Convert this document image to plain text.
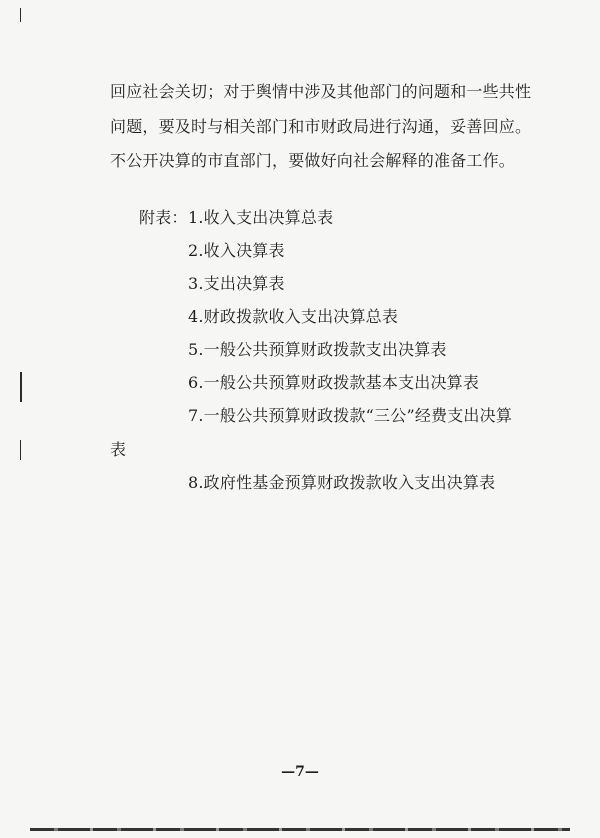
回应社会关切；对于舆情中涉及其他部门的问题和一些共性
问题，要及时与相关部门和市财政局进行沟通，妥善回应。
不公开决算的市直部门，要做好向社会解释的准备工作。
附表： 1.收入支出决算总表
2.收入决算表
3.支出决算表
4.财政拨款收入支出决算总表
5.一般公共预算财政拨款支出决算表
6.一般公共预算财政拨款基本支出决算表
7.一般公共预算财政拨款“三公”经费支出决算
表
8.政府性基金预算财政拨款收入支出决算表
—7—
